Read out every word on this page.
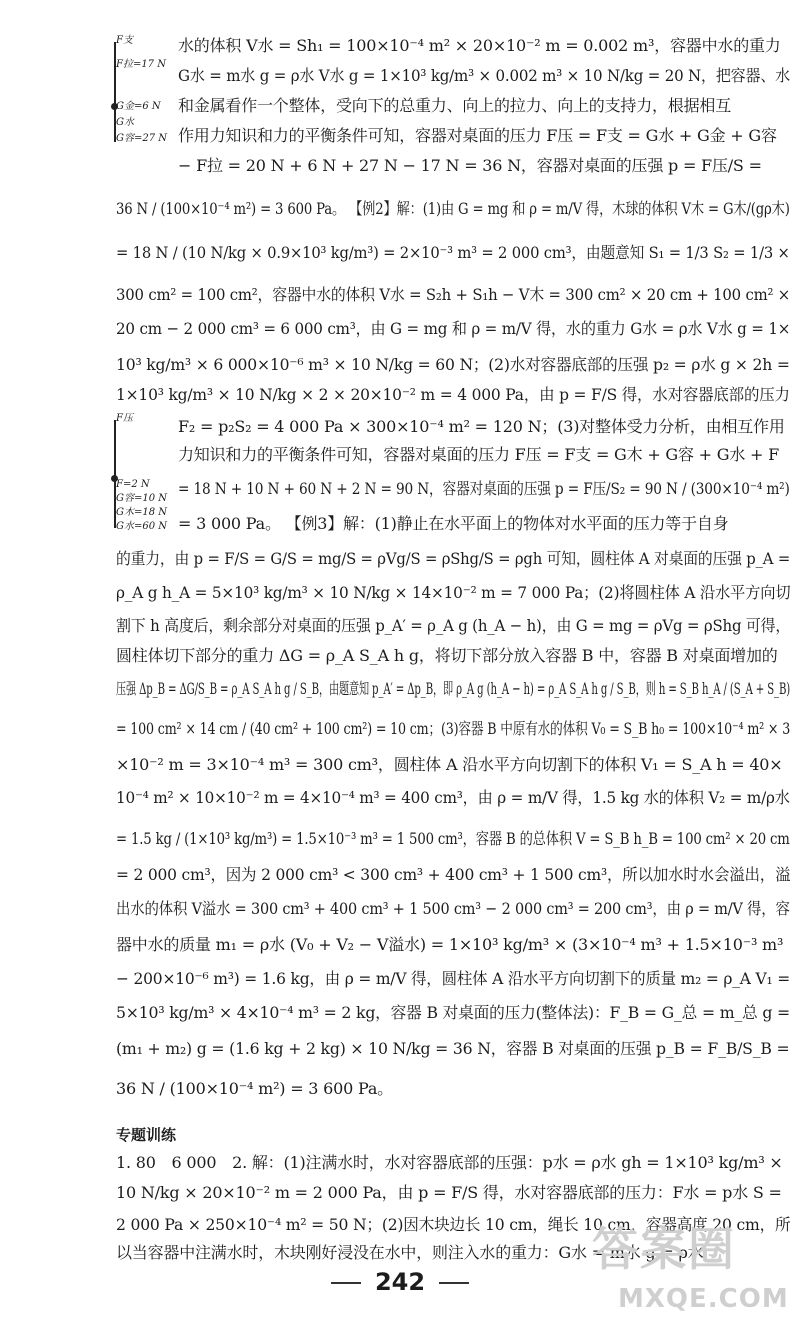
F支
F拉=17 N
G金=6 N
G水
G容=27 N
F压
F=2 N
G容=10 N
G木=18 N
G水=60 N
水的体积 V水 = Sh₁ = 100×10⁻⁴ m² × 20×10⁻² m = 0.002 m³，容器中水的重力
G水 = m水 g = ρ水 V水 g = 1×10³ kg/m³ × 0.002 m³ × 10 N/kg = 20 N，把容器、水
和金属看作一个整体，受向下的总重力、向上的拉力、向上的支持力，根据相互
作用力知识和力的平衡条件可知，容器对桌面的压力 F压 = F支 = G水 + G金 + G容
− F拉 = 20 N + 6 N + 27 N − 17 N = 36 N，容器对桌面的压强 p = F压/S =
36 N / (100×10⁻⁴ m²) = 3 600 Pa。 【例2】解：(1)由 G = mg 和 ρ = m/V 得，木球的体积 V木 = G木/(gρ木)
= 18 N / (10 N/kg × 0.9×10³ kg/m³) = 2×10⁻³ m³ = 2 000 cm³，由题意知 S₁ = 1/3 S₂ = 1/3 ×
300 cm² = 100 cm²，容器中水的体积 V水 = S₂h + S₁h − V木 = 300 cm² × 20 cm + 100 cm² ×
20 cm − 2 000 cm³ = 6 000 cm³，由 G = mg 和 ρ = m/V 得，水的重力 G水 = ρ水 V水 g = 1×
10³ kg/m³ × 6 000×10⁻⁶ m³ × 10 N/kg = 60 N；(2)水对容器底部的压强 p₂ = ρ水 g × 2h =
1×10³ kg/m³ × 10 N/kg × 2 × 20×10⁻² m = 4 000 Pa，由 p = F/S 得，水对容器底部的压力
F₂ = p₂S₂ = 4 000 Pa × 300×10⁻⁴ m² = 120 N；(3)对整体受力分析，由相互作用
力知识和力的平衡条件可知，容器对桌面的压力 F压 = F支 = G木 + G容 + G水 + F
= 18 N + 10 N + 60 N + 2 N = 90 N，容器对桌面的压强 p = F压/S₂ = 90 N / (300×10⁻⁴ m²)
= 3 000 Pa。 【例3】解：(1)静止在水平面上的物体对水平面的压力等于自身
的重力，由 p = F/S = G/S = mg/S = ρVg/S = ρShg/S = ρgh 可知，圆柱体 A 对桌面的压强 p_A =
ρ_A g h_A = 5×10³ kg/m³ × 10 N/kg × 14×10⁻² m = 7 000 Pa；(2)将圆柱体 A 沿水平方向切
割下 h 高度后，剩余部分对桌面的压强 p_A′ = ρ_A g (h_A − h)，由 G = mg = ρVg = ρShg 可得，
圆柱体切下部分的重力 ΔG = ρ_A S_A h g，将切下部分放入容器 B 中，容器 B 对桌面增加的
压强 Δp_B = ΔG/S_B = ρ_A S_A h g / S_B，由题意知 p_A′ = Δp_B，即 ρ_A g (h_A − h) = ρ_A S_A h g / S_B，则 h = S_B h_A / (S_A + S_B)
= 100 cm² × 14 cm / (40 cm² + 100 cm²) = 10 cm；(3)容器 B 中原有水的体积 V₀ = S_B h₀ = 100×10⁻⁴ m² × 3
×10⁻² m = 3×10⁻⁴ m³ = 300 cm³，圆柱体 A 沿水平方向切割下的体积 V₁ = S_A h = 40×
10⁻⁴ m² × 10×10⁻² m = 4×10⁻⁴ m³ = 400 cm³，由 ρ = m/V 得，1.5 kg 水的体积 V₂ = m/ρ水
= 1.5 kg / (1×10³ kg/m³) = 1.5×10⁻³ m³ = 1 500 cm³，容器 B 的总体积 V = S_B h_B = 100 cm² × 20 cm
= 2 000 cm³，因为 2 000 cm³ < 300 cm³ + 400 cm³ + 1 500 cm³，所以加水时水会溢出，溢
出水的体积 V溢水 = 300 cm³ + 400 cm³ + 1 500 cm³ − 2 000 cm³ = 200 cm³，由 ρ = m/V 得，容
器中水的质量 m₁ = ρ水 (V₀ + V₂ − V溢水) = 1×10³ kg/m³ × (3×10⁻⁴ m³ + 1.5×10⁻³ m³
− 200×10⁻⁶ m³) = 1.6 kg，由 ρ = m/V 得，圆柱体 A 沿水平方向切割下的质量 m₂ = ρ_A V₁ =
5×10³ kg/m³ × 4×10⁻⁴ m³ = 2 kg，容器 B 对桌面的压力(整体法)：F_B = G_总 = m_总 g =
(m₁ + m₂) g = (1.6 kg + 2 kg) × 10 N/kg = 36 N，容器 B 对桌面的压强 p_B = F_B/S_B =
36 N / (100×10⁻⁴ m²) = 3 600 Pa。
专题训练
1. 80　6 000　2. 解：(1)注满水时，水对容器底部的压强：p水 = ρ水 gh = 1×10³ kg/m³ ×
10 N/kg × 20×10⁻² m = 2 000 Pa，由 p = F/S 得，水对容器底部的压力：F水 = p水 S =
2 000 Pa × 250×10⁻⁴ m² = 50 N；(2)因木块边长 10 cm，绳长 10 cm，容器高度 20 cm，所
以当容器中注满水时，木块刚好浸没在水中，则注入水的重力：G水 = m水 g = ρ水
242
答案圈
MXQE.COM
